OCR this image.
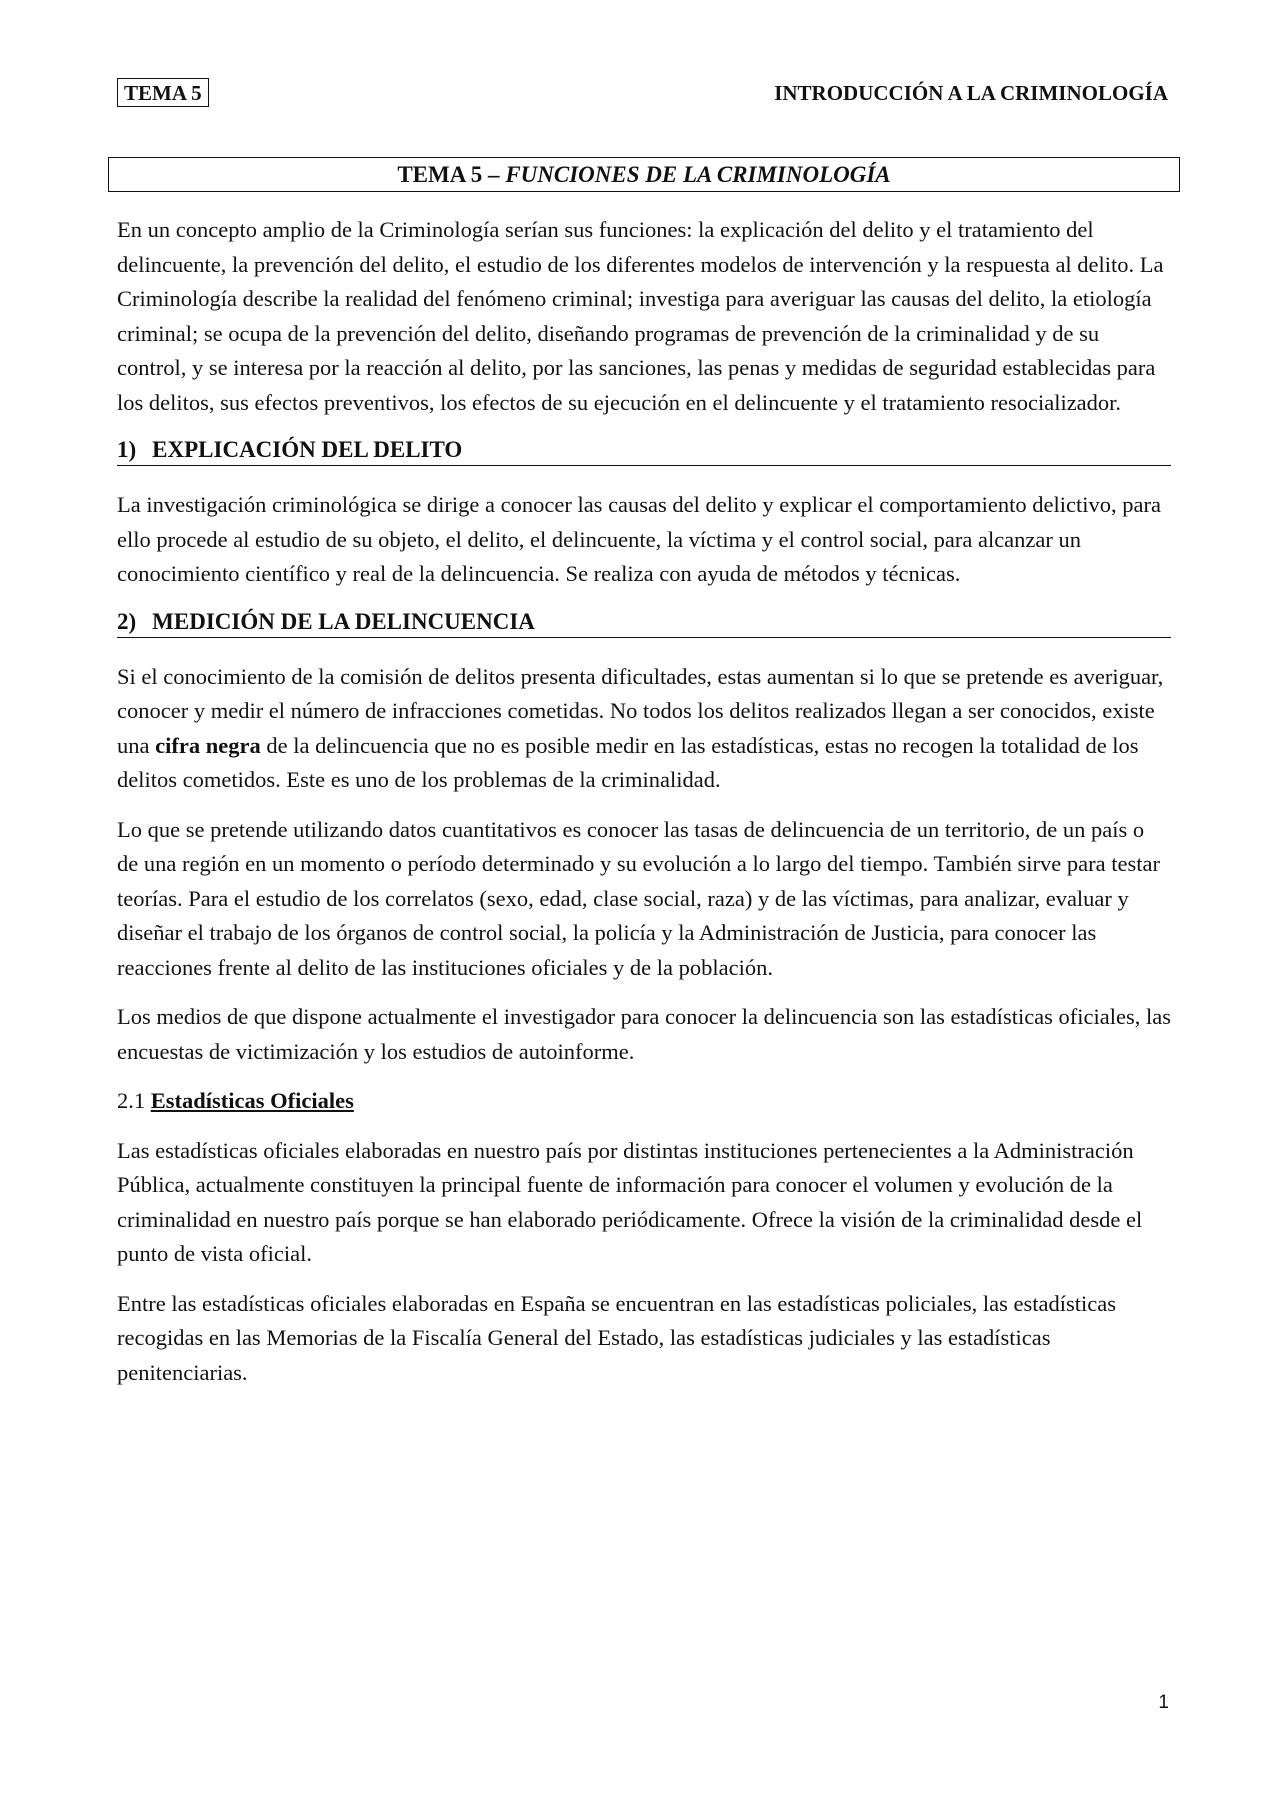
TEMA 5	INTRODUCCIÓN A LA CRIMINOLOGÍA
TEMA 5 – FUNCIONES DE LA CRIMINOLOGÍA

En un concepto amplio de la Criminología serían sus funciones: la explicación del delito y el tratamiento del delincuente, la prevención del delito, el estudio de los diferentes modelos de intervención y la respuesta al delito. La Criminología describe la realidad del fenómeno criminal; investiga para averiguar las causas del delito, la etiología criminal; se ocupa de la prevención del delito, diseñando programas de prevención de la criminalidad y de su control, y se interesa por la reacción al delito, por las sanciones, las penas y medidas de seguridad establecidas para los delitos, sus efectos preventivos, los efectos de su ejecución en el delincuente y el tratamiento resocializador.

1) EXPLICACIÓN DEL DELITO

La investigación criminológica se dirige a conocer las causas del delito y explicar el comportamiento delictivo, para ello procede al estudio de su objeto, el delito, el delincuente, la víctima y el control social, para alcanzar un conocimiento científico y real de la delincuencia. Se realiza con ayuda de métodos y técnicas.

2) MEDICIÓN DE LA DELINCUENCIA

Si el conocimiento de la comisión de delitos presenta dificultades, estas aumentan si lo que se pretende es averiguar, conocer y medir el número de infracciones cometidas. No todos los delitos realizados llegan a ser conocidos, existe una cifra negra de la delincuencia que no es posible medir en las estadísticas, estas no recogen la totalidad de los delitos cometidos. Este es uno de los problemas de la criminalidad.

Lo que se pretende utilizando datos cuantitativos es conocer las tasas de delincuencia de un territorio, de un país o de una región en un momento o período determinado y su evolución a lo largo del tiempo. También sirve para testar teorías. Para el estudio de los correlatos (sexo, edad, clase social, raza) y de las víctimas, para analizar, evaluar y diseñar el trabajo de los órganos de control social, la policía y la Administración de Justicia, para conocer las reacciones frente al delito de las instituciones oficiales y de la población.

Los medios de que dispone actualmente el investigador para conocer la delincuencia son las estadísticas oficiales, las encuestas de victimización y los estudios de autoinforme.

2.1 Estadísticas Oficiales

Las estadísticas oficiales elaboradas en nuestro país por distintas instituciones pertenecientes a la Administración Pública, actualmente constituyen la principal fuente de información para conocer el volumen y evolución de la criminalidad en nuestro país porque se han elaborado periódicamente. Ofrece la visión de la criminalidad desde el punto de vista oficial.

Entre las estadísticas oficiales elaboradas en España se encuentran en las estadísticas policiales, las estadísticas recogidas en las Memorias de la Fiscalía General del Estado, las estadísticas judiciales y las estadísticas penitenciarias.

1
